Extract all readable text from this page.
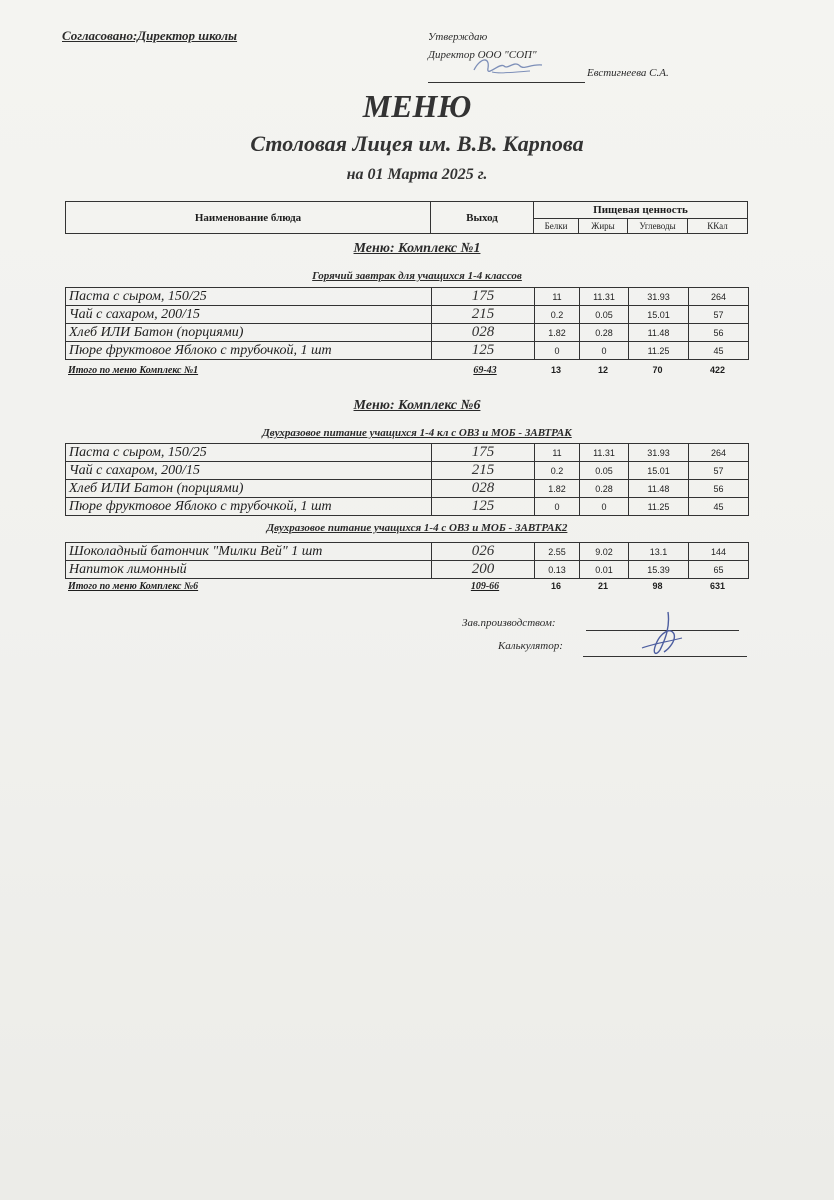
Согласовано:Директор школы	Утверждаю
Директор ООО "СОП"
Евстигнеева С.А.
МЕНЮ
Столовая Лицея им. В.В. Карпова
на 01 Марта 2025 г.
Наименование блюда	Выход
Пищевая ценность
Белки	Жиры	Углеводы	ККал
Меню: Комплекс №1
Горячий завтрак для учащихся 1-4 классов
Паста с сыром, 150/25	175	11	11.31	31.93	264
Чай с сахаром, 200/15	215	0.2	0.05	15.01	57
Хлеб ИЛИ Батон (порциями)	028	1.82	0.28	11.48	56
Пюре фруктовое Яблоко с трубочкой, 1 шт	125	0	0	11.25	45
Итого по меню Комплекс №1	69-43	13	12	70	422
Меню: Комплекс №6
Двухразовое питание учащихся 1-4 кл с ОВЗ и МОБ - ЗАВТРАК
Паста с сыром, 150/25	175	11	11.31	31.93	264
Чай с сахаром, 200/15	215	0.2	0.05	15.01	57
Хлеб ИЛИ Батон (порциями)	028	1.82	0.28	11.48	56
Пюре фруктовое Яблоко с трубочкой, 1 шт	125	0	0	11.25	45
Двухразовое питание учащихся 1-4 с ОВЗ и МОБ - ЗАВТРАК2
Шоколадный батончик "Милки Вей" 1 шт	026	2.55	9.02	13.1	144
Напиток лимонный	200	0.13	0.01	15.39	65
Итого по меню Комплекс №6	109-66	16	21	98	631
Зав.производством:
Калькулятор:
